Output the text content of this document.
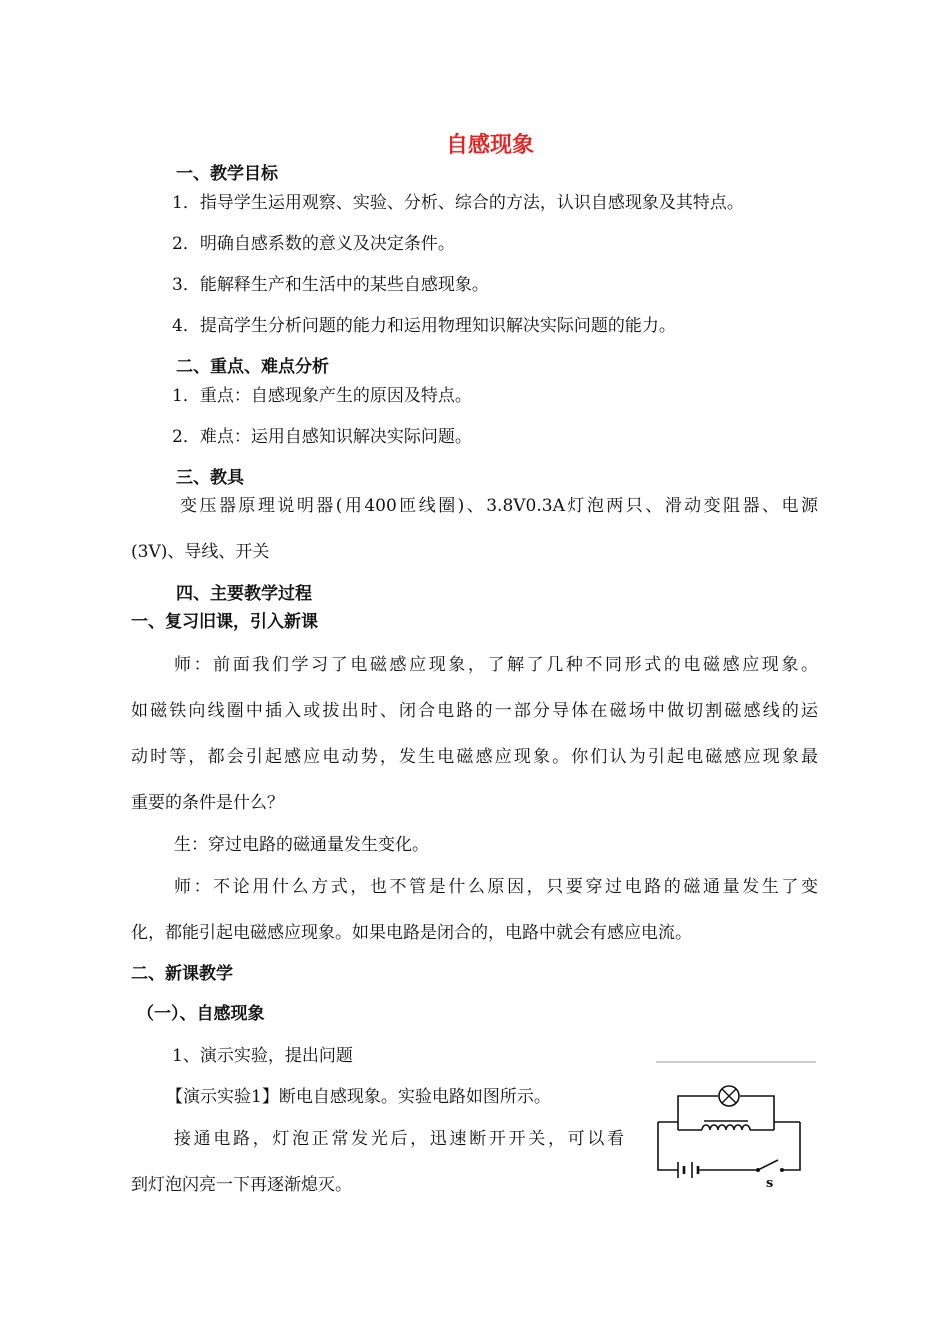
自感现象
一、教学目标
1．指导学生运用观察、实验、分析、综合的方法，认识自感现象及其特点。
2．明确自感系数的意义及决定条件。
3．能解释生产和生活中的某些自感现象。
4．提高学生分析问题的能力和运用物理知识解决实际问题的能力。
二、重点、难点分析
1．重点：自感现象产生的原因及特点。
2．难点：运用自感知识解决实际问题。
三、教具
变压器原理说明器(用400匝线圈)、3.8V0.3A灯泡两只、滑动变阻器、电源
(3V)、导线、开关
四、主要教学过程
一、复习旧课，引入新课
师：前面我们学习了电磁感应现象，了解了几种不同形式的电磁感应现象。
如磁铁向线圈中插入或拔出时、闭合电路的一部分导体在磁场中做切割磁感线的运
动时等，都会引起感应电动势，发生电磁感应现象。你们认为引起电磁感应现象最
重要的条件是什么？
生：穿过电路的磁通量发生变化。
师：不论用什么方式，也不管是什么原因，只要穿过电路的磁通量发生了变
化，都能引起电磁感应现象。如果电路是闭合的，电路中就会有感应电流。
二、新课教学
（一）、自感现象
1、演示实验，提出问题
【演示实验1】断电自感现象。实验电路如图所示。
接通电路，灯泡正常发光后，迅速断开开关，可以看
到灯泡闪亮一下再逐渐熄灭。	s
